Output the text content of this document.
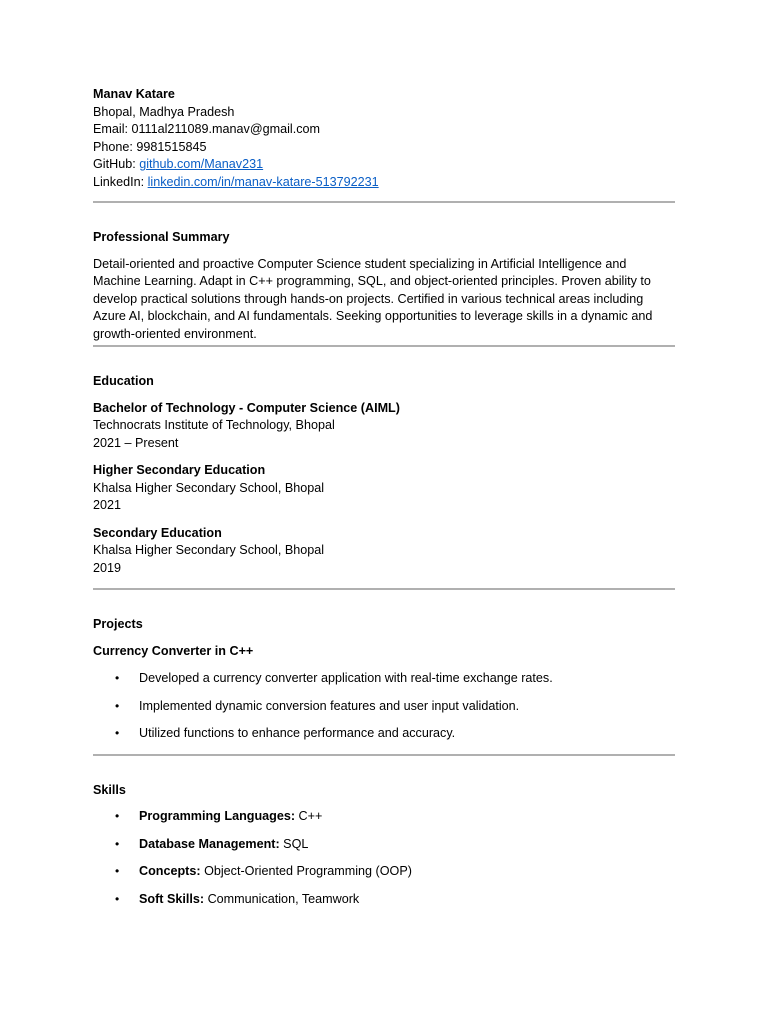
Manav Katare
Bhopal, Madhya Pradesh
Email: 0111al211089.manav@gmail.com
Phone: 9981515845
GitHub: github.com/Manav231
LinkedIn: linkedin.com/in/manav-katare-513792231
Professional Summary
Detail-oriented and proactive Computer Science student specializing in Artificial Intelligence and Machine Learning. Adapt in C++ programming, SQL, and object-oriented principles. Proven ability to develop practical solutions through hands-on projects. Certified in various technical areas including Azure AI, blockchain, and AI fundamentals. Seeking opportunities to leverage skills in a dynamic and growth-oriented environment.
Education
Bachelor of Technology - Computer Science (AIML)
Technocrats Institute of Technology, Bhopal
2021 – Present
Higher Secondary Education
Khalsa Higher Secondary School, Bhopal
2021
Secondary Education
Khalsa Higher Secondary School, Bhopal
2019
Projects
Currency Converter in C++
• Developed a currency converter application with real-time exchange rates.
• Implemented dynamic conversion features and user input validation.
• Utilized functions to enhance performance and accuracy.
Skills
• Programming Languages: C++
• Database Management: SQL
• Concepts: Object-Oriented Programming (OOP)
• Soft Skills: Communication, Teamwork
